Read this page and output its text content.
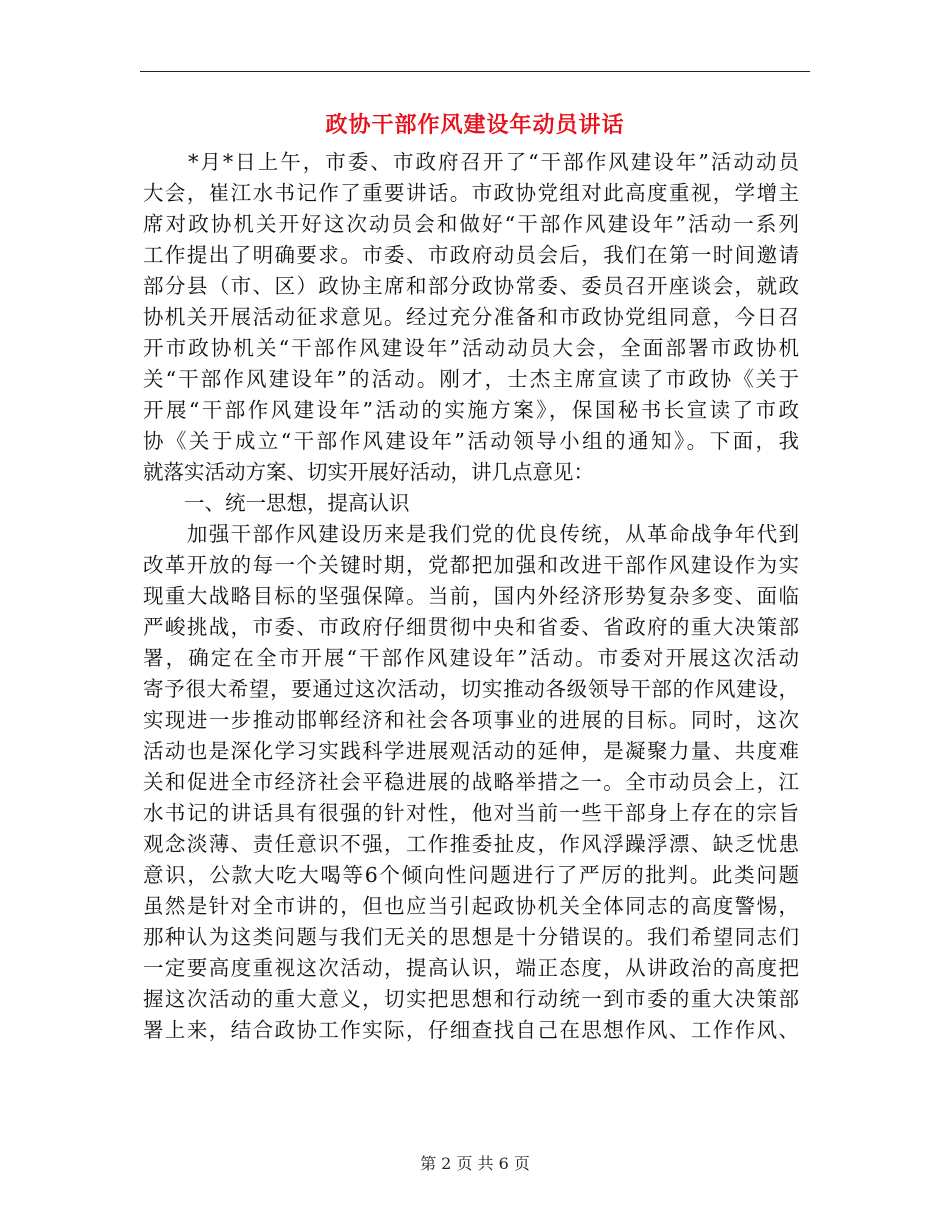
政协干部作风建设年动员讲话
　　*月*日上午，市委、市政府召开了“干部作风建设年”活动动员
大会，崔江水书记作了重要讲话。市政协党组对此高度重视，学增主
席对政协机关开好这次动员会和做好“干部作风建设年”活动一系列
工作提出了明确要求。市委、市政府动员会后，我们在第一时间邀请
部分县（市、区）政协主席和部分政协常委、委员召开座谈会，就政
协机关开展活动征求意见。经过充分准备和市政协党组同意，今日召
开市政协机关“干部作风建设年”活动动员大会，全面部署市政协机
关“干部作风建设年”的活动。刚才，士杰主席宣读了市政协《关于
开展“干部作风建设年”活动的实施方案》，保国秘书长宣读了市政
协《关于成立“干部作风建设年”活动领导小组的通知》。下面，我
就落实活动方案、切实开展好活动，讲几点意见：
　　一、统一思想，提高认识
　　加强干部作风建设历来是我们党的优良传统，从革命战争年代到
改革开放的每一个关键时期，党都把加强和改进干部作风建设作为实
现重大战略目标的坚强保障。当前，国内外经济形势复杂多变、面临
严峻挑战，市委、市政府仔细贯彻中央和省委、省政府的重大决策部
署，确定在全市开展“干部作风建设年”活动。市委对开展这次活动
寄予很大希望，要通过这次活动，切实推动各级领导干部的作风建设，
实现进一步推动邯郸经济和社会各项事业的进展的目标。同时，这次
活动也是深化学习实践科学进展观活动的延伸，是凝聚力量、共度难
关和促进全市经济社会平稳进展的战略举措之一。全市动员会上，江
水书记的讲话具有很强的针对性，他对当前一些干部身上存在的宗旨
观念淡薄、责任意识不强，工作推委扯皮，作风浮躁浮漂、缺乏忧患
意识，公款大吃大喝等6个倾向性问题进行了严厉的批判。此类问题
虽然是针对全市讲的，但也应当引起政协机关全体同志的高度警惕，
那种认为这类问题与我们无关的思想是十分错误的。我们希望同志们
一定要高度重视这次活动，提高认识，端正态度，从讲政治的高度把
握这次活动的重大意义，切实把思想和行动统一到市委的重大决策部
署上来，结合政协工作实际，仔细查找自己在思想作风、工作作风、
第 2 页 共 6 页
